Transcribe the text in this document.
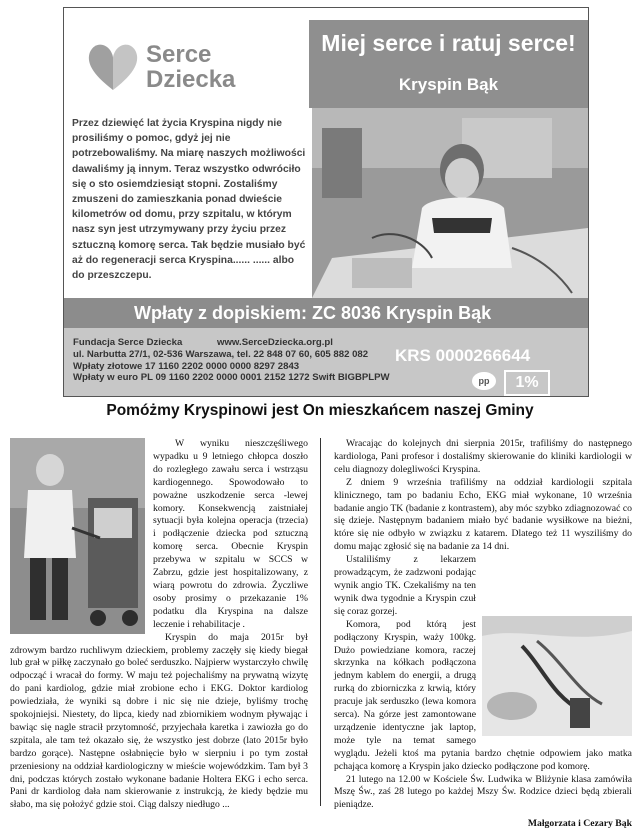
Serce
Dziecka
Miej serce i ratuj serce!
Kryspin Bąk

Przez dziewięć lat życia Kryspina nigdy nie prosiliśmy o pomoc, gdyż jej nie potrzebowaliśmy. Na miarę naszych możliwości dawaliśmy ją innym. Teraz wszystko odwróciło się o sto osiemdziesiąt stopni. Zostaliśmy zmuszeni do zamieszkania ponad dwieście kilometrów od domu, przy szpitalu, w którym nasz syn jest utrzymywany przy życiu przez sztuczną komorę serca. Tak będzie musiało być aż do regeneracji serca Kryspina...... ...... albo do przeszczepu.

Wpłaty z dopiskiem: ZC 8036 Kryspin Bąk
Fundacja Serce Dziecka	www.SerceDziecka.org.pl
ul. Narbutta 27/1, 02-536 Warszawa, tel. 22 848 07 60, 605 882 082
Wpłaty złotowe 17 1160 2202 0000 0000 8297 2843
Wpłaty w euro PL 09 1160 2202 0000 0001 2152 1272 Swift BIGBPLPW
KRS 0000266644
pp	1%
Pomóżmy Kryspinowi jest On mieszkańcem naszej Gminy

W wyniku nieszczęśliwego wypadku u 9 letniego chłopca doszło do rozległego zawału serca i wstrząsu kardiogennego. Spowodowało to poważne uszkodzenie serca -lewej komory. Konsekwencją zaistniałej sytuacji była kolejna operacja (trzecia) i podłączenie dziecka pod sztuczną komorę serca. Obecnie Kryspin przebywa w szpitalu w SCCS w Zabrzu, gdzie jest hospitalizowany, z wiarą powrotu do zdrowia. Życzliwe osoby prosimy o przekazanie 1% podatku dla Kryspina na dalsze leczenie i rehabilitacje .

Kryspin do maja 2015r był zdrowym bardzo ruchliwym dzieckiem, problemy zaczęły się kiedy biegał lub grał w piłkę zaczynało go boleć serduszko. Najpierw wystarczyło chwilę odpocząć i wracał do formy. W maju też pojechaliśmy na prywatną wizytę do pani kardiolog, gdzie miał zrobione echo i EKG. Doktor kardiolog powiedziała, że wyniki są dobre i nic się nie dzieje, byliśmy trochę spokojniejsi. Niestety, do lipca, kiedy nad zbiornikiem wodnym pływając i bawiąc się nagle stracił przytomność, przyjechała karetka i zawiozła go do szpitala, ale tam też okazało się, że wszystko jest dobrze (lato 2015r było bardzo gorące). Następne osłabnięcie było w sierpniu i po tym został przeniesiony na oddział kardiologiczny w mieście wojewódzkim. Tam był 3 dni, podczas których zostało wykonane badanie Holtera EKG i echo serca. Pani dr kardiolog dała nam skierowanie z instrukcją, że kiedy będzie mu słabo, ma się położyć gdzie stoi. Ciąg dalszy niedługo ...

Wracając do kolejnych dni sierpnia 2015r, trafiliśmy do następnego kardiologa, Pani profesor i dostaliśmy skierowanie do kliniki kardiologii w celu diagnozy dolegliwości Kryspina.

Z dniem 9 września trafiliśmy na oddział kardiologii szpitala klinicznego, tam po badaniu Echo, EKG miał wykonane, 10 września badanie angio TK (badanie z kontrastem), aby móc szybko zdiagnozować co się dzieje. Następnym badaniem miało być badanie wysiłkowe na bieżni, które się nie odbyło w związku z katarem. Dlatego też 11 wysziliśmy do domu mając zgłosić się na badanie za 14 dni.

Ustaliliśmy z lekarzem prowadzącym, że zadzwoni podając wynik angio TK. Czekaliśmy na ten wynik dwa tygodnie a Kryspin czuł się coraz gorzej.

Komora, pod którą jest podłączony Kryspin, waży 100kg. Dużo powiedziane komora, raczej skrzynka na kółkach podłączona jednym kablem do energii, a drugą rurką do zbiorniczka z krwią, który pracuje jak serduszko (lewa komora serca). Na górze jest zamontowane urządzenie identyczne jak laptop, może tyle na temat samego wyglądu. Jeżeli ktoś ma pytania bardzo chętnie odpowiem jako matka pchająca komorę a Kryspin jako dziecko podłączone pod komorę.

21 lutego na 12.00 w Kościele Św. Ludwika w Bliżynie klasa zamówiła Mszę Św., zaś 28 lutego po każdej Mszy Św. Rodzice dzieci będą zbierali pieniądze.

Małgorzata i Cezary Bąk
